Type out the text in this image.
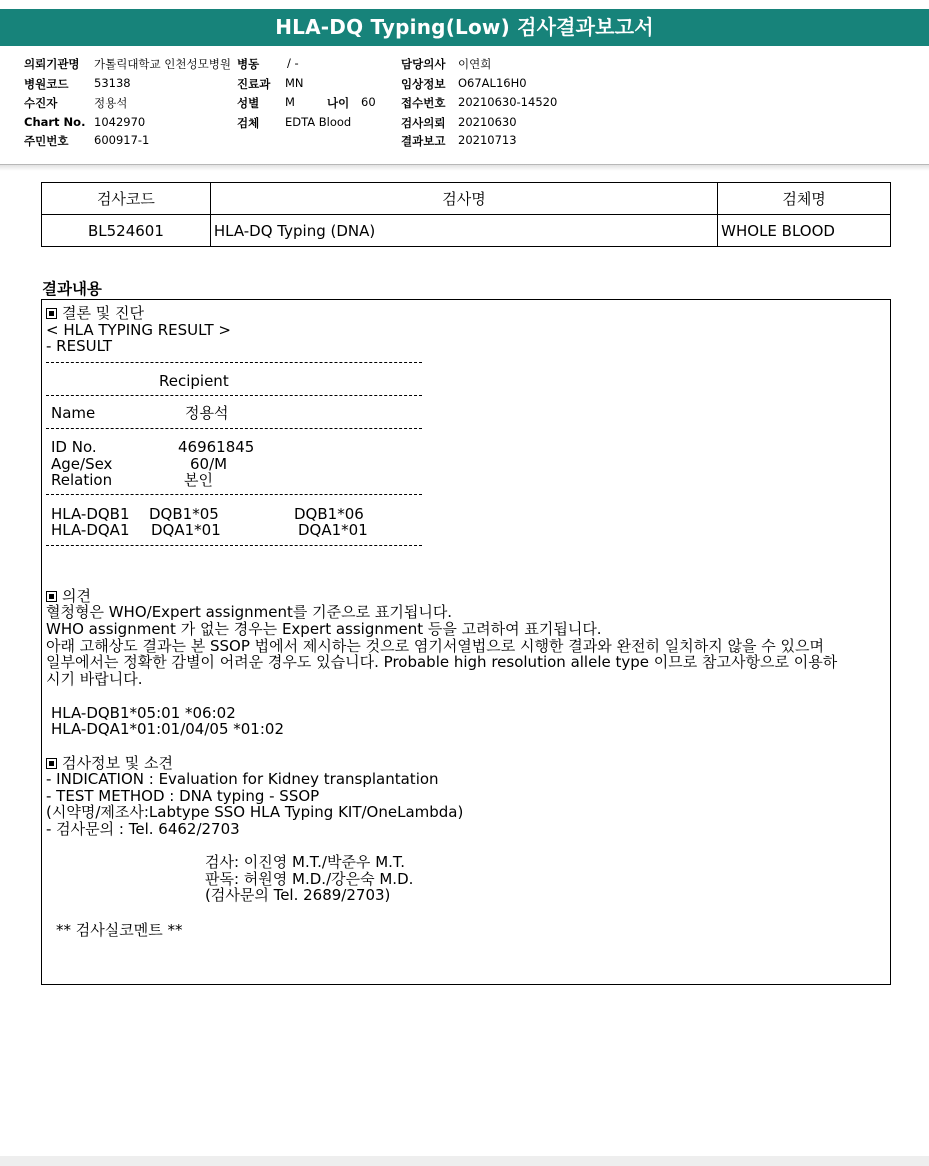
HLA-DQ Typing(Low) 검사결과보고서
의뢰기관명 가톨릭대학교 인천성모병원
병원코드 53138
수진자	정용석
Chart No. 1042970
주민번호 600917-1
병동 / -
진료과 MN
성별 M	나이 60
검체 EDTA Blood
담당의사 이연희
임상정보 O67AL16H0
접수번호 20210630-14520
검사의뢰 20210630
결과보고 20210713
검사코드	검사명	검체명
BL524601	HLA-DQ Typing (DNA)	WHOLE BLOOD
결과내용
결론 및 진단
< HLA TYPING RESULT >
- RESULT
Recipient
Name	정용석
ID No.	46961845
Age/Sex	60/M
Relation	본인
HLA-DQB1 DQB1*05	DQB1*06
HLA-DQA1 DQA1*01	DQA1*01
의견
혈청형은 WHO/Expert assignment를 기준으로 표기됩니다.
WHO assignment 가 없는 경우는 Expert assignment 등을 고려하여 표기됩니다.
아래 고해상도 결과는 본 SSOP 법에서 제시하는 것으로 염기서열법으로 시행한 결과와 완전히 일치하지 않을 수 있으며
일부에서는 정확한 감별이 어려운 경우도 있습니다. Probable high resolution allele type 이므로 참고사항으로 이용하
시기 바랍니다.
HLA-DQB1*05:01 *06:02
HLA-DQA1*01:01/04/05 *01:02
검사정보 및 소견
- INDICATION : Evaluation for Kidney transplantation
- TEST METHOD : DNA typing - SSOP
(시약명/제조사:Labtype SSO HLA Typing KIT/OneLambda)
- 검사문의 : Tel. 6462/2703
검사: 이진영 M.T./박준우 M.T.
판독: 허원영 M.D./강은숙 M.D.
(검사문의 Tel. 2689/2703)
** 검사실코멘트 **
